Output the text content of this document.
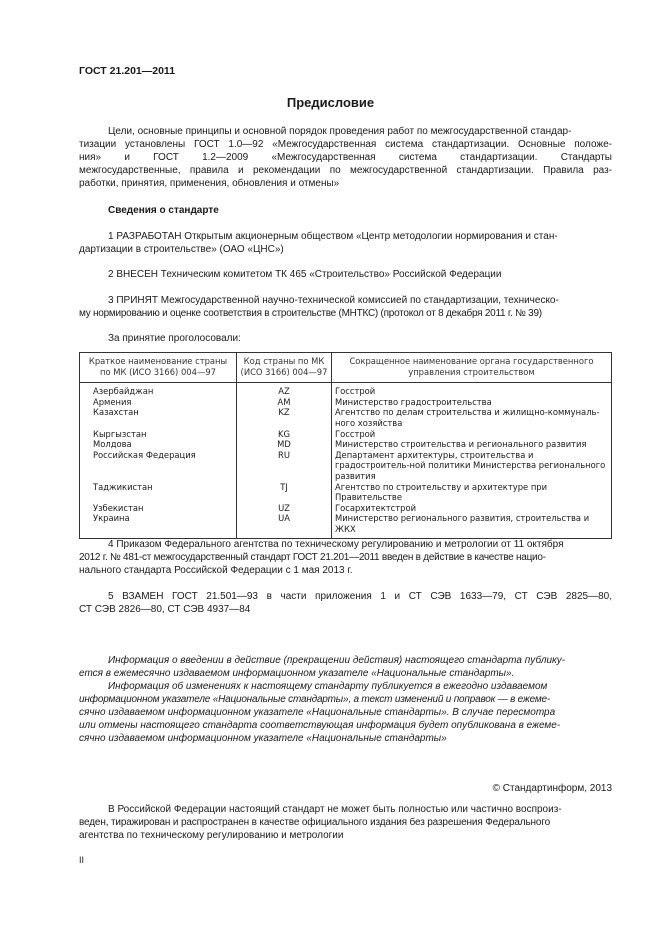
ГОСТ 21.201—2011
Предисловие
Цели, основные принципы и основной порядок проведения работ по межгосударственной стандар-
тизации установлены ГОСТ 1.0—92 «Межгосударственная система стандартизации. Основные положе-
ния» и ГОСТ 1.2—2009 «Межгосударственная система стандартизации. Стандарты
межгосударственные, правила и рекомендации по межгосударственной стандартизации. Правила раз-
работки, принятия, применения, обновления и отмены»
Сведения о стандарте
1 РАЗРАБОТАН Открытым акционерным обществом «Центр методологии нормирования и стан-
дартизации в строительстве» (ОАО «ЦНС»)
2 ВНЕСЕН Техническим комитетом ТК 465 «Строительство» Российской Федерации
3 ПРИНЯТ Межгосударственной научно-технической комиссией по стандартизации, техническо-
му нормированию и оценке соответствия в строительстве (МНТКС) (протокол от 8 декабря 2011 г. № 39)
За принятие проголосовали:
Краткое наименование страны по МК (ИСО 3166) 004—97	Код страны по МК (ИСО 3166) 004—97	Сокращенное наименование органа государственного управления строительством
Азербайджан	AZ	Госстрой
Армения	AM	Министерство градостроительства
Казахстан	KZ	Агентство по делам строительства и жилищно-коммуналь-ного хозяйства
Кыргызстан	KG	Госстрой
Молдова	MD	Министерство строительства и регионального развития
Российская Федерация	RU	Департамент архитектуры, строительства и градостроитель-ной политики Министерства регионального развития
Таджикистан	TJ	Агентство по строительству и архитектуре при Правительстве
Узбекистан	UZ	Госархитектстрой
Украина	UA	Министерство регионального развития, строительства и ЖКХ
4 Приказом Федерального агентства по техническому регулированию и метрологии от 11 октября
2012 г. № 481-ст межгосударственный стандарт ГОСТ 21.201—2011 введен в действие в качестве нацио-
нального стандарта Российской Федерации с 1 мая 2013 г.
5 ВЗАМЕН ГОСТ 21.501—93 в части приложения 1 и СТ СЭВ 1633—79, СТ СЭВ 2825—80,
СТ СЭВ 2826—80, СТ СЭВ 4937—84
Информация о введении в действие (прекращении действия) настоящего стандарта публику-
ется в ежемесячно издаваемом информационном указателе «Национальные стандарты».
Информация об изменениях к настоящему стандарту публикуется в ежегодно издаваемом
информационном указателе «Национальные стандарты», а текст изменений и поправок — в ежеме-
сячно издаваемом информационном указателе «Национальные стандарты». В случае пересмотра
или отмены настоящего стандарта соответствующая информация будет опубликована в ежеме-
сячно издаваемом информационном указателе «Национальные стандарты»
© Стандартинформ, 2013
В Российской Федерации настоящий стандарт не может быть полностью или частично воспроиз-
веден, тиражирован и распространен в качестве официального издания без разрешения Федерального
агентства по техническому регулированию и метрологии
II
